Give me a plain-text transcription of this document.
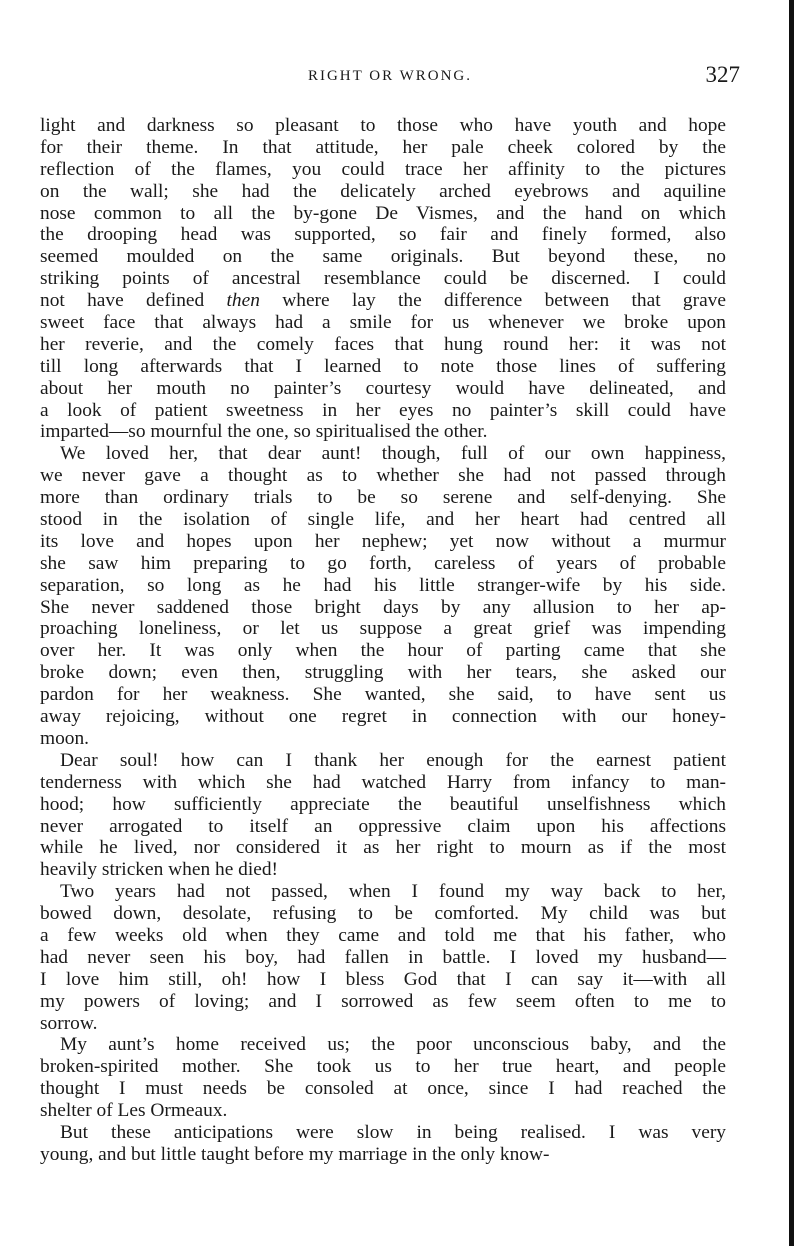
RIGHT OR WRONG.	327
light and darkness so pleasant to those who have youth and hope
for their theme. In that attitude, her pale cheek colored by the
reflection of the flames, you could trace her affinity to the pictures
on the wall; she had the delicately arched eyebrows and aquiline
nose common to all the by-gone De Vismes, and the hand on which
the drooping head was supported, so fair and finely formed, also
seemed moulded on the same originals. But beyond these, no
striking points of ancestral resemblance could be discerned. I could
not have defined then where lay the difference between that grave
sweet face that always had a smile for us whenever we broke upon
her reverie, and the comely faces that hung round her: it was not
till long afterwards that I learned to note those lines of suffering
about her mouth no painter’s courtesy would have delineated, and
a look of patient sweetness in her eyes no painter’s skill could have
imparted—so mournful the one, so spiritualised the other.
We loved her, that dear aunt! though, full of our own happiness,
we never gave a thought as to whether she had not passed through
more than ordinary trials to be so serene and self-denying. She
stood in the isolation of single life, and her heart had centred all
its love and hopes upon her nephew; yet now without a murmur
she saw him preparing to go forth, careless of years of probable
separation, so long as he had his little stranger-wife by his side.
She never saddened those bright days by any allusion to her ap-
proaching loneliness, or let us suppose a great grief was impending
over her. It was only when the hour of parting came that she
broke down; even then, struggling with her tears, she asked our
pardon for her weakness. She wanted, she said, to have sent us
away rejoicing, without one regret in connection with our honey-
moon.
Dear soul! how can I thank her enough for the earnest patient
tenderness with which she had watched Harry from infancy to man-
hood; how sufficiently appreciate the beautiful unselfishness which
never arrogated to itself an oppressive claim upon his affections
while he lived, nor considered it as her right to mourn as if the most
heavily stricken when he died!
Two years had not passed, when I found my way back to her,
bowed down, desolate, refusing to be comforted. My child was but
a few weeks old when they came and told me that his father, who
had never seen his boy, had fallen in battle. I loved my husband—
I love him still, oh! how I bless God that I can say it—with all
my powers of loving; and I sorrowed as few seem often to me to
sorrow.
My aunt’s home received us; the poor unconscious baby, and the
broken-spirited mother. She took us to her true heart, and people
thought I must needs be consoled at once, since I had reached the
shelter of Les Ormeaux.
But these anticipations were slow in being realised. I was very
young, and but little taught before my marriage in the only know-
